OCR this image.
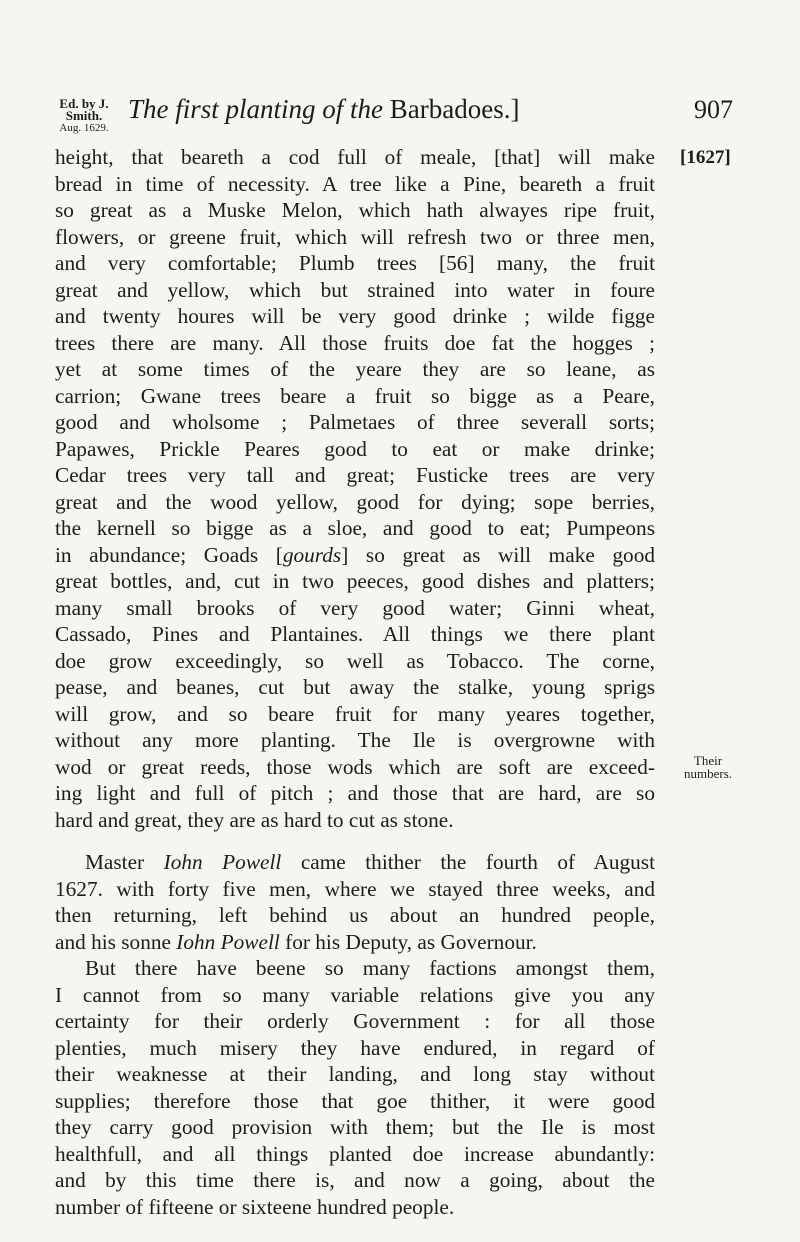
Ed. by J. Smith.
Aug. 1629.
The first planting of the Barbadoes.]	907
[1627]
Their
numbers.
height, that beareth a cod full of meale, [that] will make
bread in time of necessity. A tree like a Pine, beareth a fruit
so great as a Muske Melon, which hath alwayes ripe fruit,
flowers, or greene fruit, which will refresh two or three men,
and very comfortable; Plumb trees [56] many, the fruit
great and yellow, which but strained into water in foure
and twenty houres will be very good drinke ; wilde figge
trees there are many. All those fruits doe fat the hogges ;
yet at some times of the yeare they are so leane, as
carrion; Gwane trees beare a fruit so bigge as a Peare,
good and wholsome ; Palmetaes of three severall sorts;
Papawes, Prickle Peares good to eat or make drinke;
Cedar trees very tall and great; Fusticke trees are very
great and the wood yellow, good for dying; sope berries,
the kernell so bigge as a sloe, and good to eat; Pumpeons
in abundance; Goads [gourds] so great as will make good
great bottles, and, cut in two peeces, good dishes and platters;
many small brooks of very good water; Ginni wheat,
Cassado, Pines and Plantaines. All things we there plant
doe grow exceedingly, so well as Tobacco. The corne,
pease, and beanes, cut but away the stalke, young sprigs
will grow, and so beare fruit for many yeares together,
without any more planting. The Ile is overgrowne with
wod or great reeds, those wods which are soft are exceed-
ing light and full of pitch ; and those that are hard, are so
hard and great, they are as hard to cut as stone.
Master Iohn Powell came thither the fourth of August
1627. with forty five men, where we stayed three weeks, and
then returning, left behind us about an hundred people,
and his sonne Iohn Powell for his Deputy, as Governour.
But there have beene so many factions amongst them,
I cannot from so many variable relations give you any
certainty for their orderly Government : for all those
plenties, much misery they have endured, in regard of
their weaknesse at their landing, and long stay without
supplies; therefore those that goe thither, it were good
they carry good provision with them; but the Ile is most
healthfull, and all things planted doe increase abundantly:
and by this time there is, and now a going, about the
number of fifteene or sixteene hundred people.
